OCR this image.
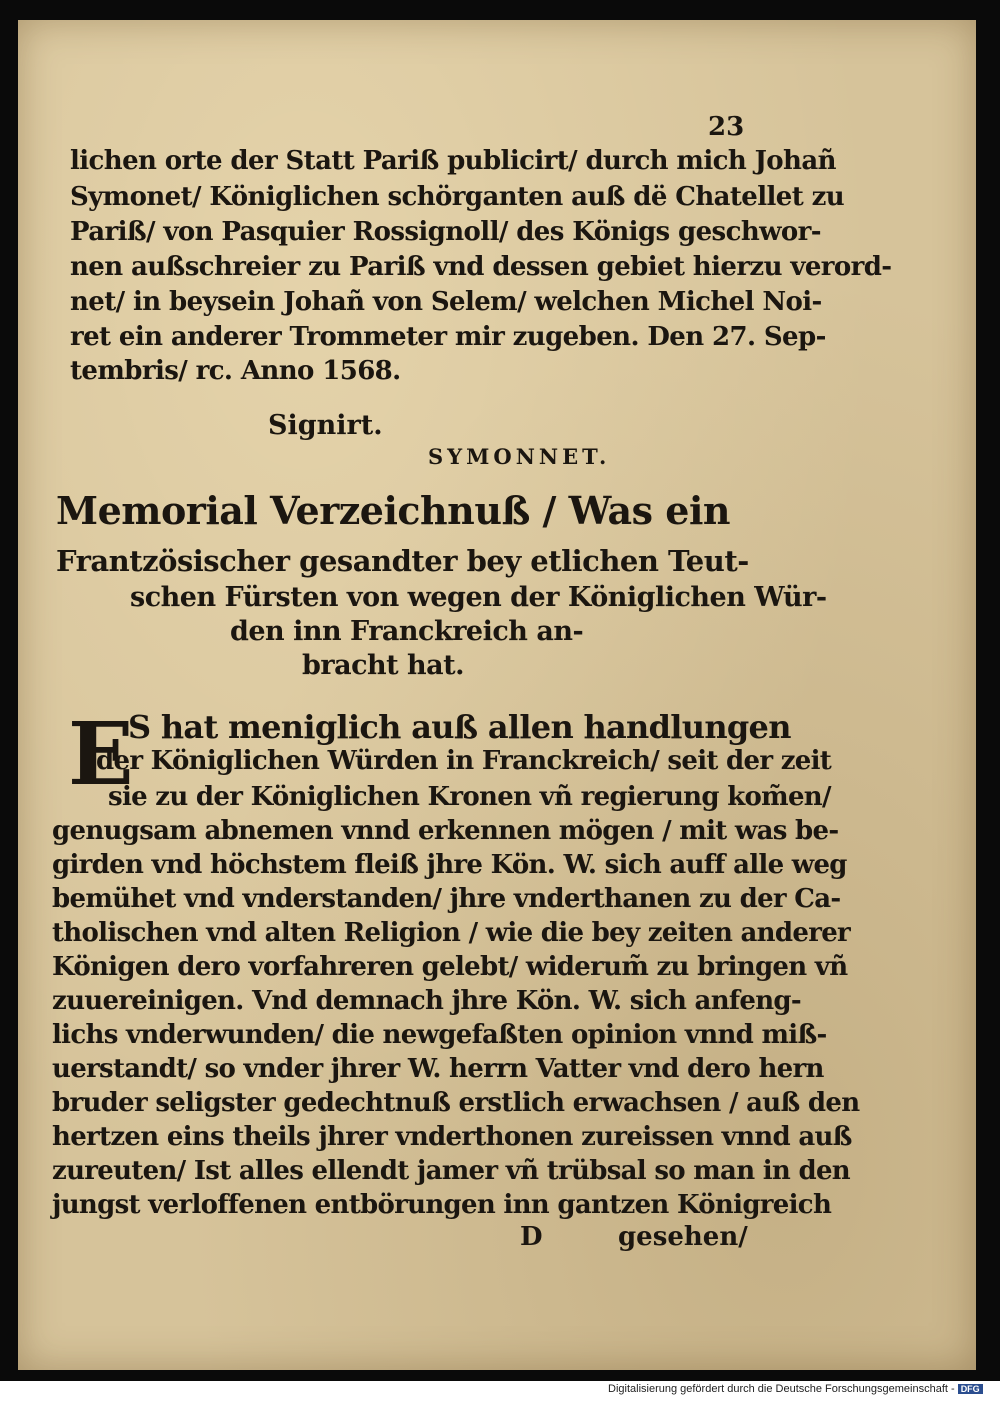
23
lichen orte der Statt Pariß publicirt/ durch mich Johañ
Symonet/ Königlichen schörganten auß dë Chatellet zu
Pariß/ von Pasquier Rossignoll/ des Königs geschwor-
nen außschreier zu Pariß vnd dessen gebiet hierzu verord-
net/ in beysein Johañ von Selem/ welchen Michel Noi-
ret ein anderer Trommeter mir zugeben. Den 27. Sep-
tembris/ rc. Anno 1568.
Signirt.
SYMONNET.
Memorial Verzeichnuß / Was ein
Frantzösischer gesandter bey etlichen Teut-
schen Fürsten von wegen der Königlichen Wür-
den inn Franckreich an-
bracht hat.
E
S hat meniglich auß allen handlungen
der Königlichen Würden in Franckreich/ seit der zeit
sie zu der Königlichen Kronen vñ regierung kom̃en/
genugsam abnemen vnnd erkennen mögen / mit was be-
girden vnd höchstem fleiß jhre Kön. W. sich auff alle weg
bemühet vnd vnderstanden/ jhre vnderthanen zu der Ca-
tholischen vnd alten Religion / wie die bey zeiten anderer
Königen dero vorfahreren gelebt/ widerum̃ zu bringen vñ
zuuereinigen. Vnd demnach jhre Kön. W. sich anfeng-
lichs vnderwunden/ die newgefaßten opinion vnnd miß-
uerstandt/ so vnder jhrer W. herrn Vatter vnd dero hern
bruder seligster gedechtnuß erstlich erwachsen / auß den
hertzen eins theils jhrer vnderthonen zureissen vnnd auß
zureuten/ Ist alles ellendt jamer vñ trübsal so man in den
jungst verloffenen entbörungen inn gantzen Königreich
D	gesehen/
Digitalisierung gefördert durch die Deutsche Forschungsgemeinschaft - DFG
